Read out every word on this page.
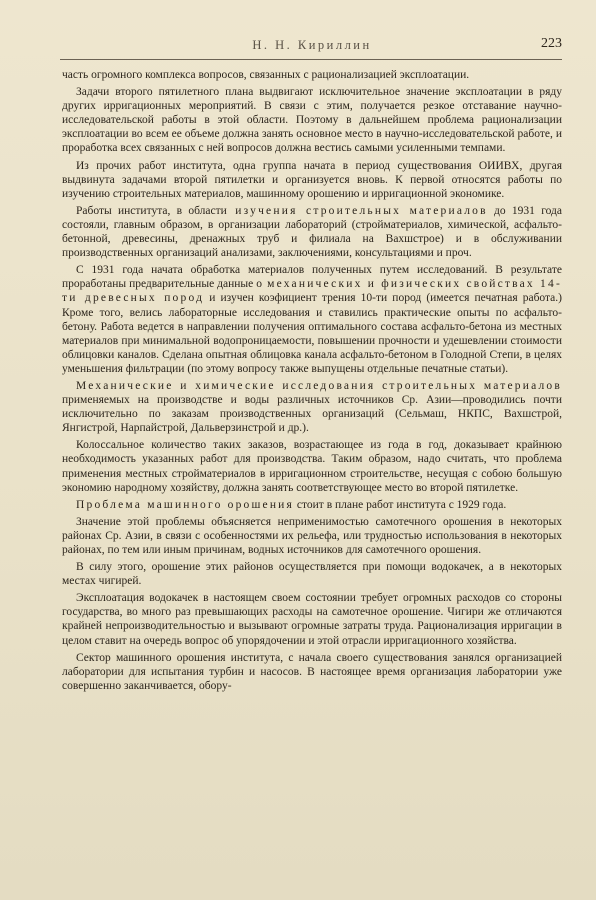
Н. Н. Кириллин	223

часть огромного комплекса вопросов, связанных с рационализацией эксплоатации.

Задачи второго пятилетного плана выдвигают исключительное значение эксплоатации в ряду других ирригационных мероприятий. В связи с этим, получается резкое отставание научно-исследовательской работы в этой области. Поэтому в дальнейшем проблема рационализации эксплоатации во всем ее объеме должна занять основное место в научно-исследовательской работе, и проработка всех связанных с ней вопросов должна вестись самыми усиленными темпами.

Из прочих работ института, одна группа начата в период существования ОИИВХ, другая выдвинута задачами второй пятилетки и организуется вновь. К первой относятся работы по изучению строительных материалов, машинному орошению и ирригационной экономике.

Работы института, в области изучения строительных материалов до 1931 года состояли, главным образом, в организации лабораторий (стройматериалов, химической, асфальто-бетонной, древесины, дренажных труб и филиала на Вахшстрое) и в обслуживании производственных организаций анализами, заключениями, консультациями и проч.

С 1931 года начата обработка материалов полученных путем исследований. В результате проработаны предварительные данные о механических и физических свойствах 14-ти древесных пород и изучен коэфициент трения 10-ти пород (имеется печатная работа.) Кроме того, велись лабораторные исследования и ставились практические опыты по асфальто-бетону. Работа ведется в направлении получения оптимального состава асфальто-бетона из местных материалов при минимальной водопроницаемости, повышении прочности и удешевлении стоимости облицовки каналов. Сделана опытная облицовка канала асфальто-бетоном в Голодной Степи, в целях уменьшения фильтрации (по этому вопросу также выпущены отдельные печатные статьи).

Механические и химические исследования строительных материалов применяемых на производстве и воды различных источников Ср. Азии—проводились почти исключительно по заказам производственных организаций (Сельмаш, НКПС, Вахшстрой, Янгистрой, Нарпайстрой, Дальверзинстрой и др.).

Колоссальное количество таких заказов, возрастающее из года в год, доказывает крайнюю необходимость указанных работ для производства. Таким образом, надо считать, что проблема применения местных стройматериалов в ирригационном строительстве, несущая с собою большую экономию народному хозяйству, должна занять соответствующее место во второй пятилетке.

Проблема машинного орошения стоит в плане работ института с 1929 года.

Значение этой проблемы объясняется неприменимостью самотечного орошения в некоторых районах Ср. Азии, в связи с особенностями их рельефа, или трудностью использования в некоторых районах, по тем или иным причинам, водных источников для самотечного орошения.

В силу этого, орошение этих районов осуществляется при помощи водокачек, а в некоторых местах чигирей.

Эксплоатация водокачек в настоящем своем состоянии требует огромных расходов со стороны государства, во много раз превышающих расходы на самотечное орошение. Чигири же отличаются крайней непроизводительностью и вызывают огромные затраты труда. Рационализация ирригации в целом ставит на очередь вопрос об упорядочении и этой отрасли ирригационного хозяйства.

Сектор машинного орошения института, с начала своего существования занялся организацией лаборатории для испытания турбин и насосов. В настоящее время организация лаборатории уже совершенно заканчивается, обору-
